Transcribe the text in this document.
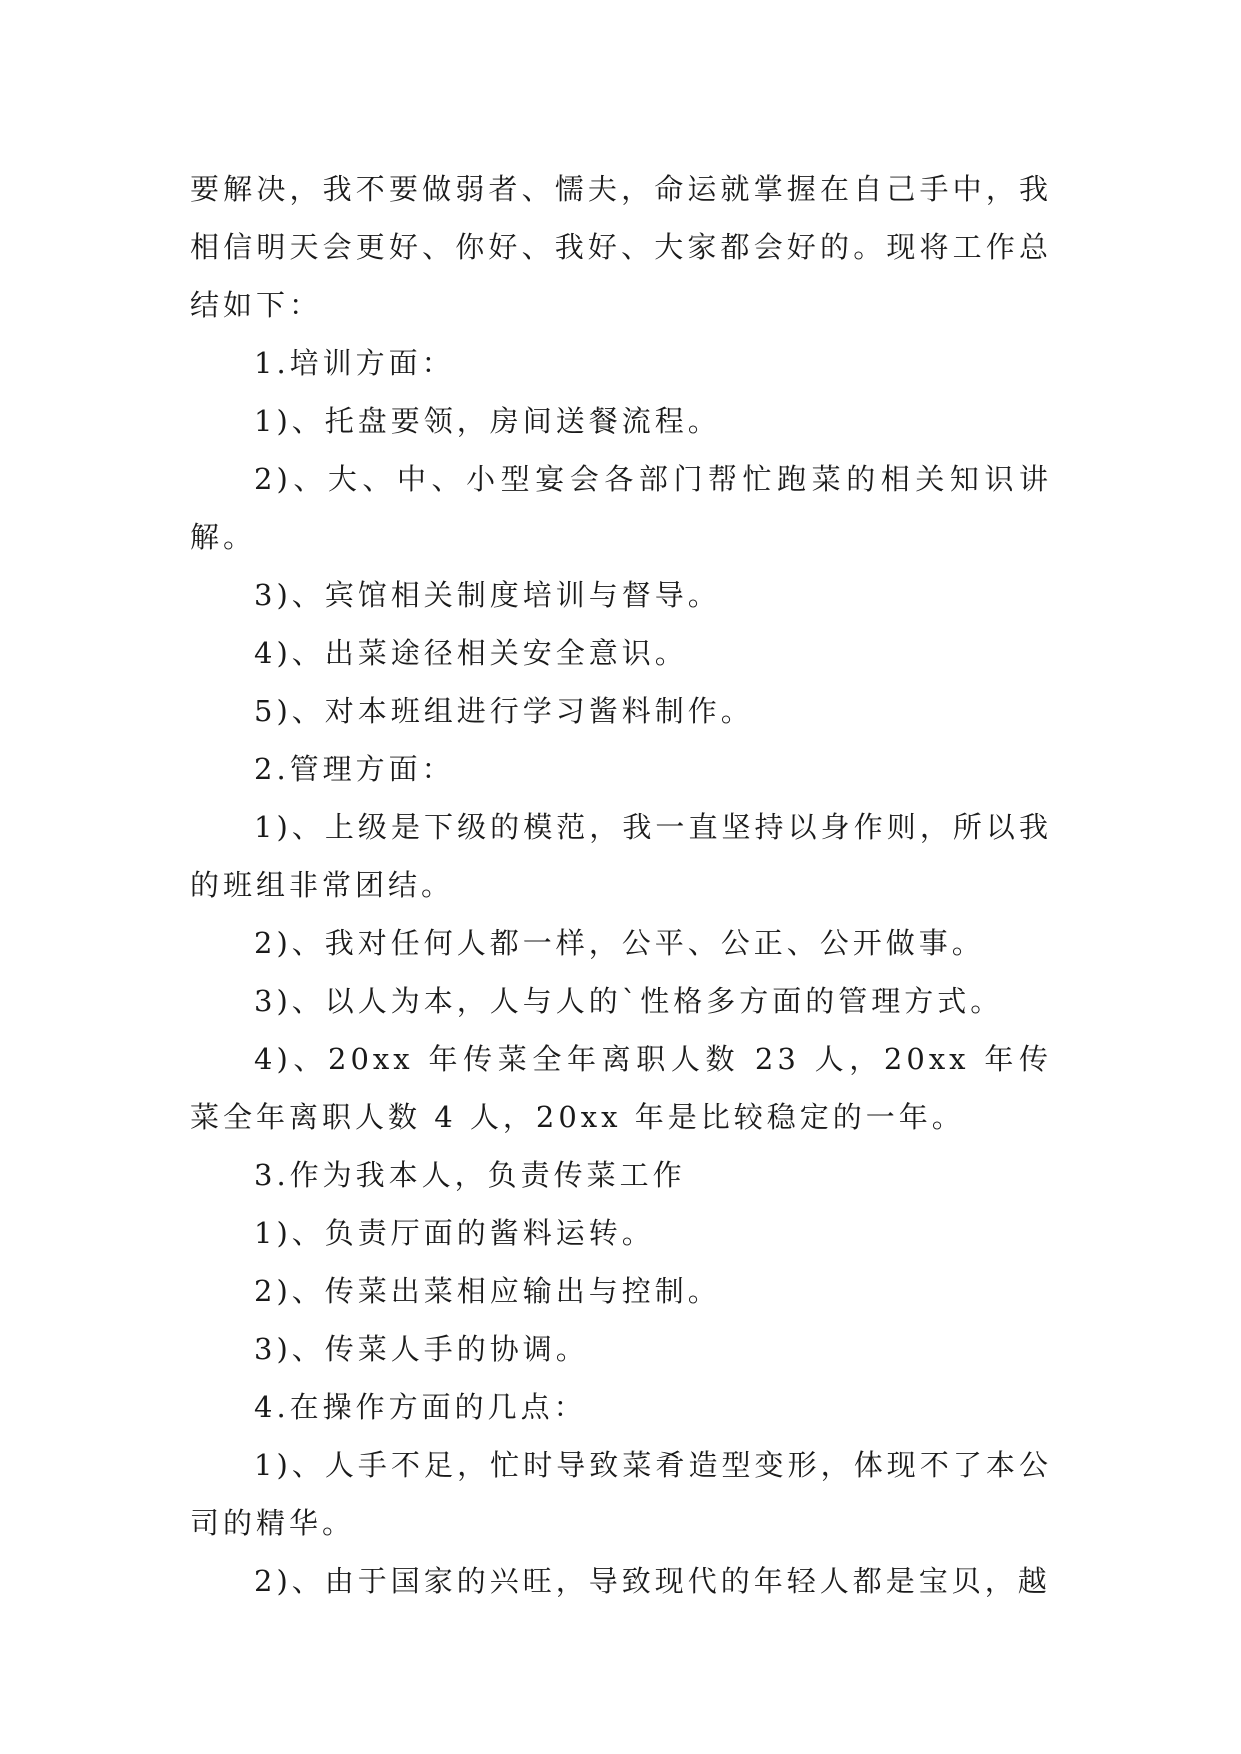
要解决，我不要做弱者、懦夫，命运就掌握在自己手中，我相信明天会更好、你好、我好、大家都会好的。现将工作总结如下：

1.培训方面：

1)、托盘要领，房间送餐流程。

2)、大、中、小型宴会各部门帮忙跑菜的相关知识讲解。

3)、宾馆相关制度培训与督导。

4)、出菜途径相关安全意识。

5)、对本班组进行学习酱料制作。

2.管理方面：

1)、上级是下级的模范，我一直坚持以身作则，所以我的班组非常团结。

2)、我对任何人都一样，公平、公正、公开做事。

3)、以人为本，人与人的`性格多方面的管理方式。

4)、20xx 年传菜全年离职人数 23 人，20xx 年传菜全年离职人数 4 人，20xx 年是比较稳定的一年。

3.作为我本人，负责传菜工作

1)、负责厅面的酱料运转。

2)、传菜出菜相应输出与控制。

3)、传菜人手的协调。

4.在操作方面的几点：

1)、人手不足，忙时导致菜肴造型变形，体现不了本公司的精华。

2)、由于国家的兴旺，导致现代的年轻人都是宝贝，越
